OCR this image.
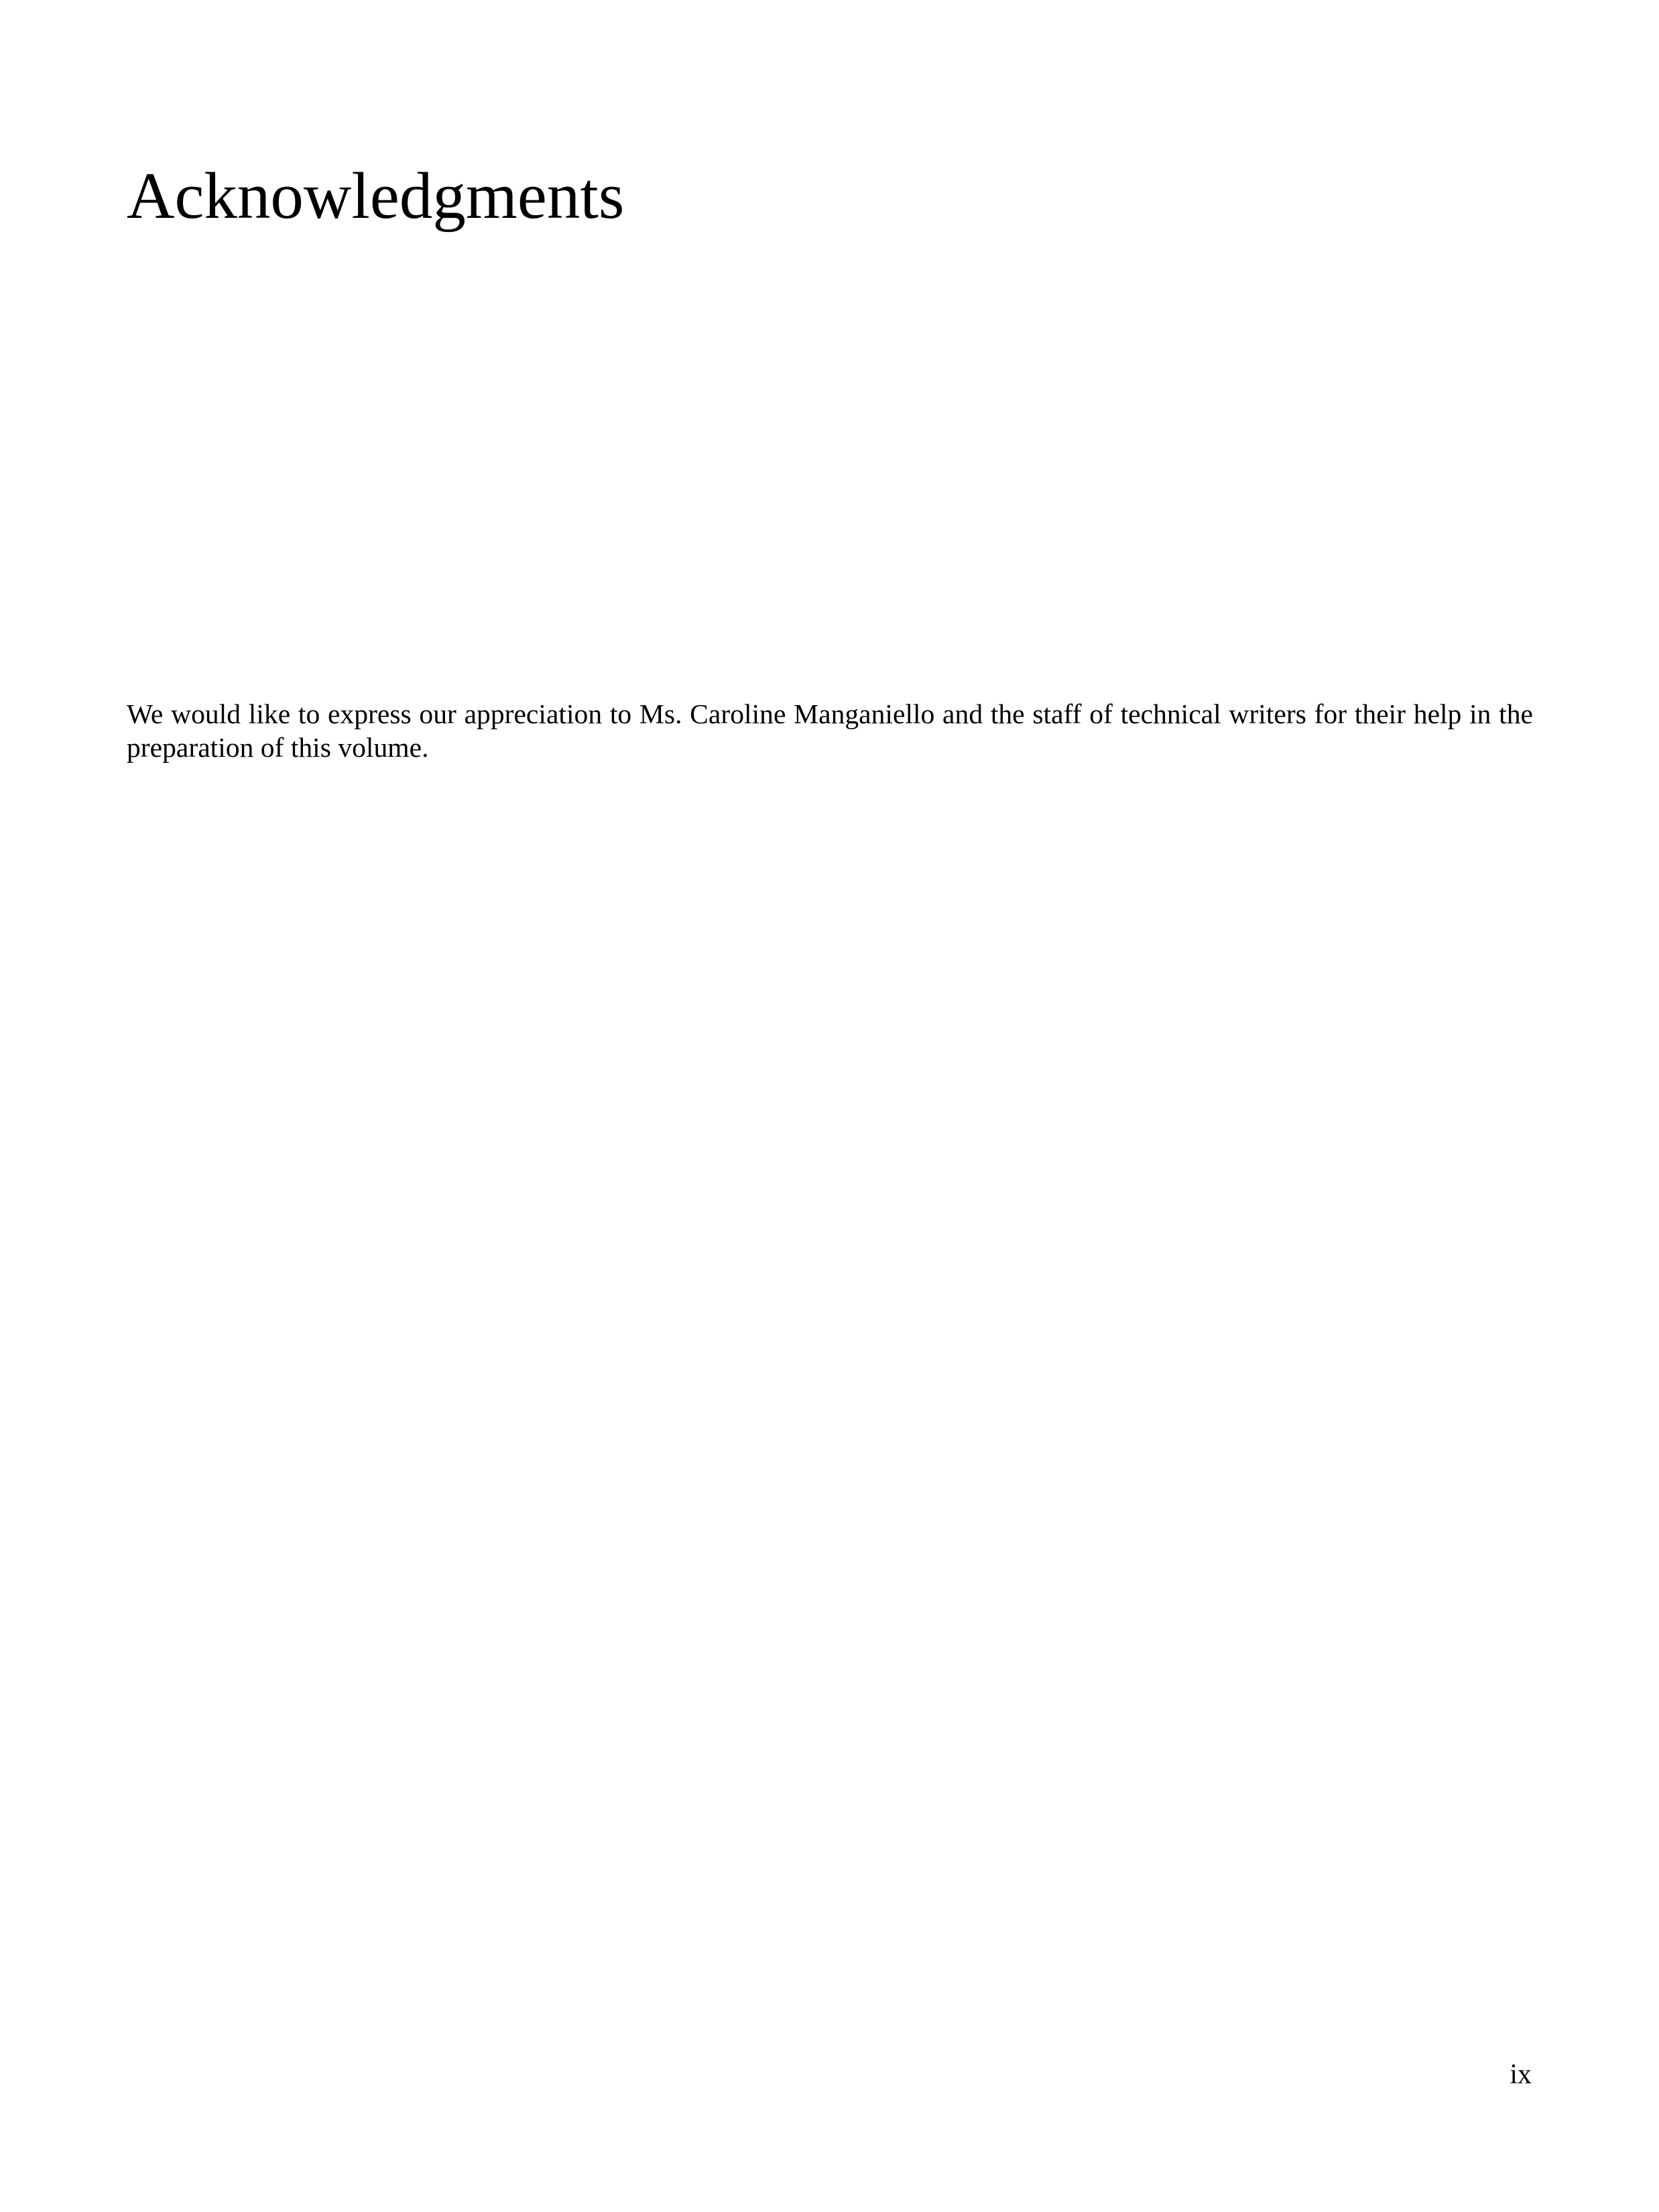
Acknowledgments

We would like to express our appreciation to Ms. Caroline Manganiello and the staff of technical writers for their help in the preparation of this volume.

ix
